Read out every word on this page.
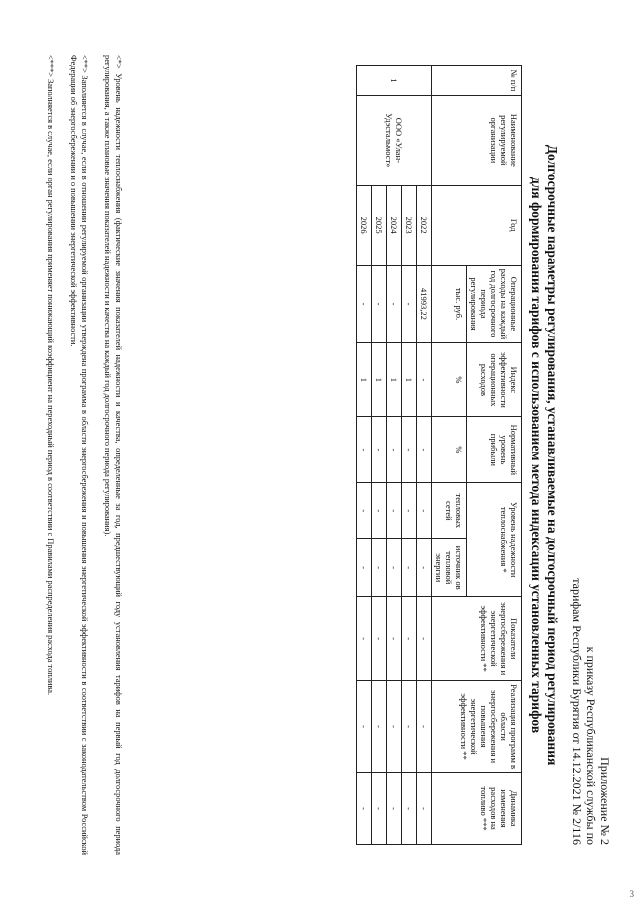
Приложение № 2
к приказу Республиканской службы по
тарифам Республики Бурятия от 14.12.2021 № 2/116
Долгосрочные параметры регулирования, устанавливаемые на долгосрочный период регулирования
для формирования тарифов с использованием метода индексации установленных тарифов
№ п/п	Наименование регулируемой организации	Год	Операционные расходы на каждый год долгосрочного периода регулирования	Индекс эффективности операционных расходов	Нормативный уровень прибыли	Уровень надежности теплоснабжения *		Показатели энергосбережения и энергетической эффективности **	Реализация программ в области энергосбережения и повышения энергетической эффективности **	Динамика изменения расходов на топливо ***
			тыс. руб.	%	%	тепловых сетей	источник ов тепловой энергии			
1	ООО «Улан-Удэстальмост»	2022	41993,22	-	-	-	-	-	-	-
		2023	-	1	-	-	-	-	-	-
		2024	-	1	-	-	-	-	-	-
		2025	-	1	-	-	-	-	-	-
		2026	-	1	-	-	-	-	-	-
<*> Уровень надежности теплоснабжения (фактические значения показателей надежности и качества, определенные за год, предшествующий году установления тарифов на первый год долгосрочного периода регулирования, а также плановые значения показателей надежности и качества на каждый год долгосрочного периода регулирования).
<**> Заполняется в случае, если в отношении регулируемой организации утверждена программа в области энергосбережения и повышения энергетической эффективности в соответствии с законодательством Российской Федерации об энергосбережении и о повышении энергетической эффективности.
<***> Заполняется в случае, если орган регулирования применяет понижающий коэффициент на переходный период в соответствии с Правилами распределения расхода топлива.
3
